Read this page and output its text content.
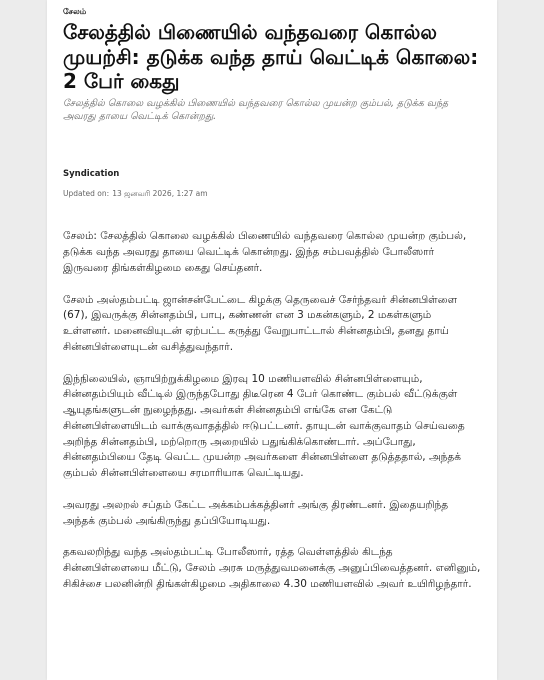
சேலம்
சேலத்தில் பிணையில் வந்தவரை கொல்ல முயற்சி: தடுக்க வந்த தாய் வெட்டிக் கொலை: 2 பேர் கைது

சேலத்தில் கொலை வழக்கில் பிணையில் வந்தவரை கொல்ல முயன்ற கும்பல், தடுக்க வந்த அவரது தாயை வெட்டிக் கொன்றது.

Syndication
Updated on: 13 ஜனவரி 2026, 1:27 am

சேலம்: சேலத்தில் கொலை வழக்கில் பிணையில் வந்தவரை கொல்ல முயன்ற கும்பல், தடுக்க வந்த அவரது தாயை வெட்டிக் கொன்றது. இந்த சம்பவத்தில் போலீஸார் இருவரை திங்கள்கிழமை கைது செய்தனர்.

சேலம் அஸ்தம்பட்டி ஜான்சன்பேட்டை கிழக்கு தெருவைச் சேர்ந்தவர் சின்னபிள்ளை (67), இவருக்கு சின்னதம்பி, பாபு, கண்ணன் என 3 மகன்களும், 2 மகள்களும் உள்ளனர். மனைவியுடன் ஏற்பட்ட கருத்து வேறுபாட்டால் சின்னதம்பி, தனது தாய் சின்னபிள்ளையுடன் வசித்துவந்தார்.

இந்நிலையில், ஞாயிற்றுக்கிழமை இரவு 10 மணியளவில் சின்னபிள்ளையும், சின்னதம்பியும் வீட்டில் இருந்தபோது திடீரென 4 பேர் கொண்ட கும்பல் வீட்டுக்குள் ஆயுதங்களுடன் நுழைந்தது. அவர்கள் சின்னதம்பி எங்கே என கேட்டு சின்னபிள்ளையிடம் வாக்குவாதத்தில் ஈடுபட்டனர். தாயுடன் வாக்குவாதம் செய்வதை அறிந்த சின்னதம்பி, மற்றொரு அறையில் பதுங்கிக்கொண்டார். அப்போது, சின்னதம்பியை தேடி வெட்ட முயன்ற அவர்களை சின்னபிள்ளை தடுத்ததால், அந்தக் கும்பல் சின்னபிள்ளையை சரமாரியாக வெட்டியது.

அவரது அலறல் சப்தம் கேட்ட அக்கம்பக்கத்தினர் அங்கு திரண்டனர். இதையறிந்த அந்தக் கும்பல் அங்கிருந்து தப்பியோடியது.

தகவலறிந்து வந்த அஸ்தம்பட்டி போலீஸார், ரத்த வெள்ளத்தில் கிடந்த சின்னபிள்ளையை மீட்டு, சேலம் அரசு மருத்துவமனைக்கு அனுப்பிவைத்தனர். எனினும், சிகிச்சை பலனின்றி திங்கள்கிழமை அதிகாலை 4.30 மணியளவில் அவர் உயிரிழந்தார்.
